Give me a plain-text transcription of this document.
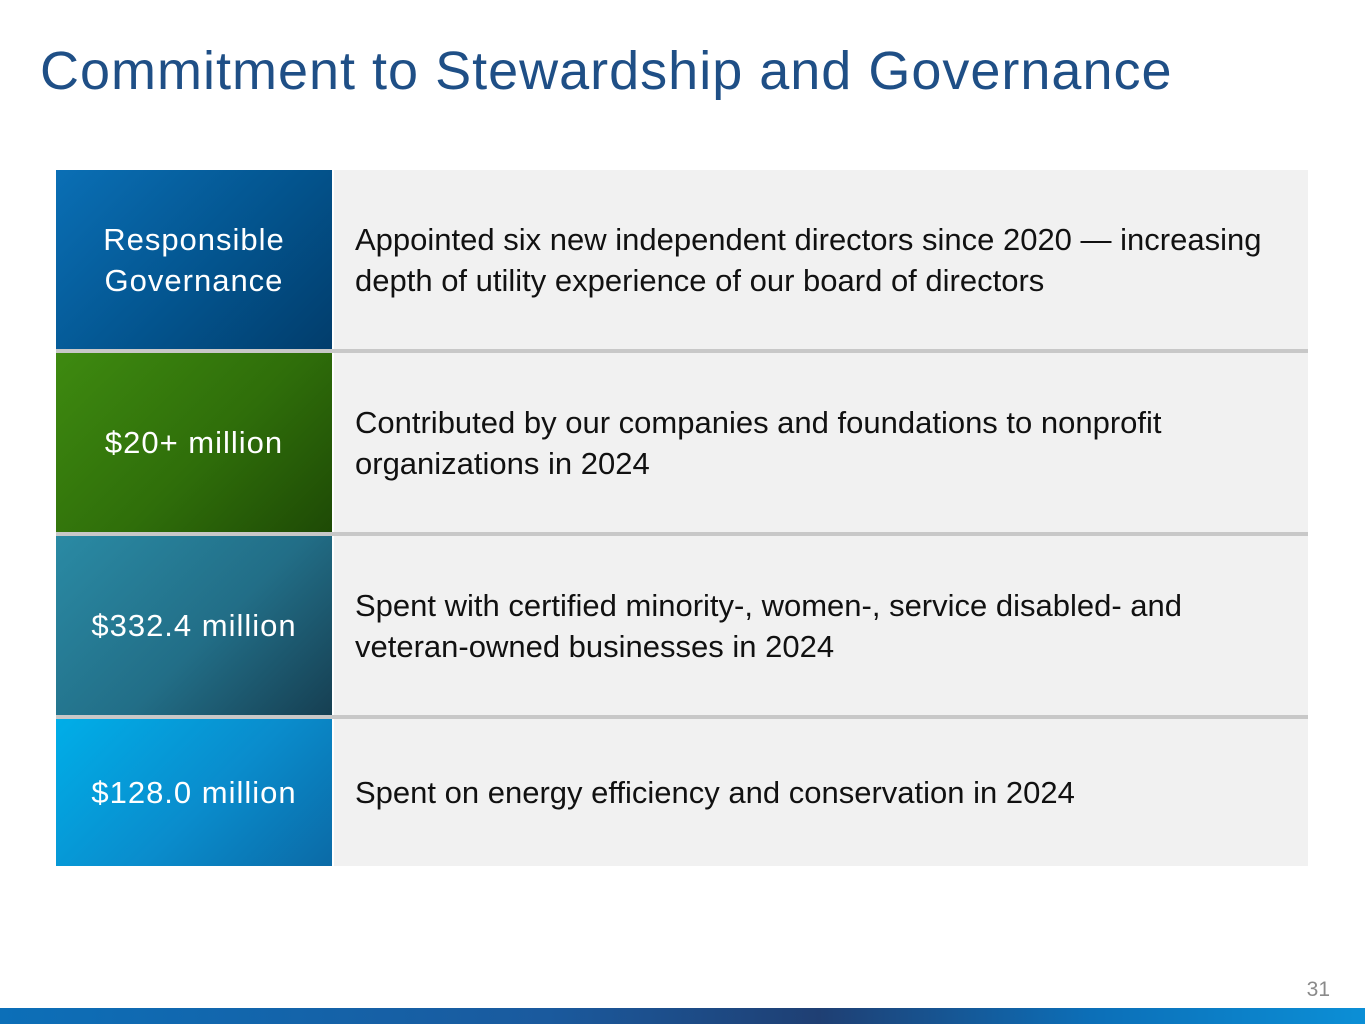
Commitment to Stewardship and Governance
Responsible
Governance
Appointed six new independent directors since 2020 — increasing depth of utility experience of our board of directors
$20+ million
Contributed by our companies and foundations to nonprofit organizations in 2024
$332.4 million
Spent with certified minority-, women-, service disabled- and veteran-owned businesses in 2024
$128.0 million	Spent on energy efficiency and conservation in 2024
31
